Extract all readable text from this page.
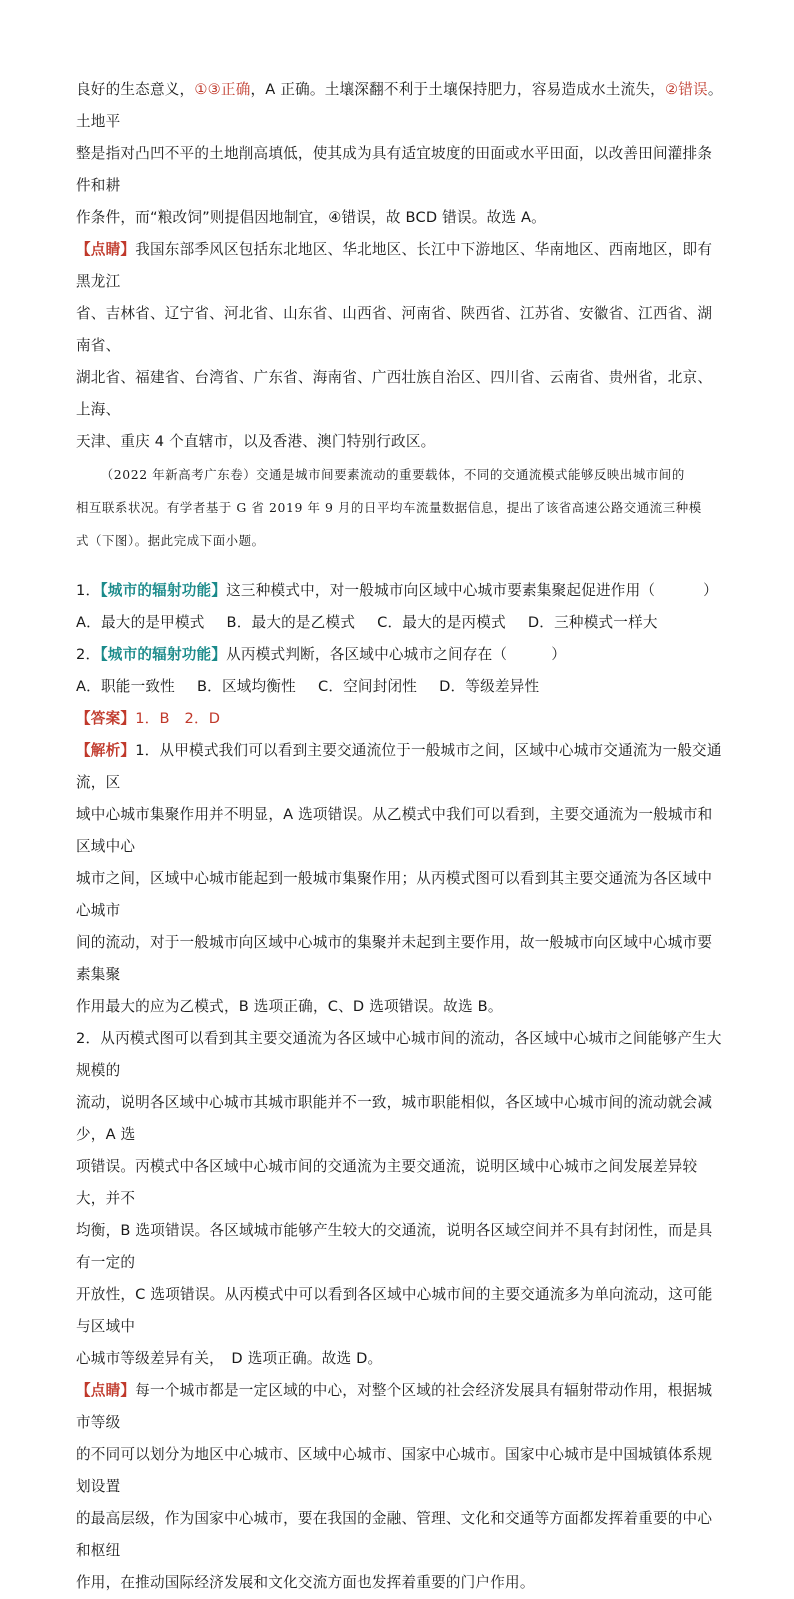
良好的生态意义，①③正确，A 正确。土壤深翻不利于土壤保持肥力，容易造成水土流失，②错误。土地平

整是指对凸凹不平的土地削高填低，使其成为具有适宜坡度的田面或水平田面，以改善田间灌排条件和耕

作条件，而“粮改饲”则提倡因地制宜，④错误，故 BCD 错误。故选 A。

【点睛】我国东部季风区包括东北地区、华北地区、长江中下游地区、华南地区、西南地区，即有黑龙江

省、吉林省、辽宁省、河北省、山东省、山西省、河南省、陕西省、江苏省、安徽省、江西省、湖南省、

湖北省、福建省、台湾省、广东省、海南省、广西壮族自治区、四川省、云南省、贵州省，北京、上海、

天津、重庆 4 个直辖市，以及香港、澳门特别行政区。

（2022 年新高考广东卷）交通是城市间要素流动的重要载体，不同的交通流模式能够反映出城市间的

相互联系状况。有学者基于 G 省 2019 年 9 月的日平均车流量数据信息，提出了该省高速公路交通流三种模

式（下图）。据此完成下面小题。

1．【城市的辐射功能】这三种模式中，对一般城市向区域中心城市要素集聚起促进作用（	）

A．最大的是甲模式 B．最大的是乙模式 C．最大的是丙模式 D．三种模式一样大

2．【城市的辐射功能】从丙模式判断，各区域中心城市之间存在（	）

A．职能一致性 B．区域均衡性 C．空间封闭性 D．等级差异性

【答案】1．B　2．D

【解析】1．从甲模式我们可以看到主要交通流位于一般城市之间，区域中心城市交通流为一般交通流，区

域中心城市集聚作用并不明显，A 选项错误。从乙模式中我们可以看到，主要交通流为一般城市和区域中心

城市之间，区域中心城市能起到一般城市集聚作用；从丙模式图可以看到其主要交通流为各区域中心城市

间的流动，对于一般城市向区域中心城市的集聚并未起到主要作用，故一般城市向区域中心城市要素集聚

作用最大的应为乙模式，B 选项正确，C、D 选项错误。故选 B。

2．从丙模式图可以看到其主要交通流为各区域中心城市间的流动，各区域中心城市之间能够产生大规模的

流动，说明各区域中心城市其城市职能并不一致，城市职能相似，各区域中心城市间的流动就会减少，A 选

项错误。丙模式中各区域中心城市间的交通流为主要交通流，说明区域中心城市之间发展差异较大，并不

均衡，B 选项错误。各区域城市能够产生较大的交通流，说明各区域空间并不具有封闭性，而是具有一定的

开放性，C 选项错误。从丙模式中可以看到各区域中心城市间的主要交通流多为单向流动，这可能与区域中

心城市等级差异有关，　D 选项正确。故选 D。

【点睛】每一个城市都是一定区域的中心，对整个区域的社会经济发展具有辐射带动作用，根据城市等级

的不同可以划分为地区中心城市、区域中心城市、国家中心城市。国家中心城市是中国城镇体系规划设置

的最高层级，作为国家中心城市，要在我国的金融、管理、文化和交通等方面都发挥着重要的中心和枢纽

作用，在推动国际经济发展和文化交流方面也发挥着重要的门户作用。
